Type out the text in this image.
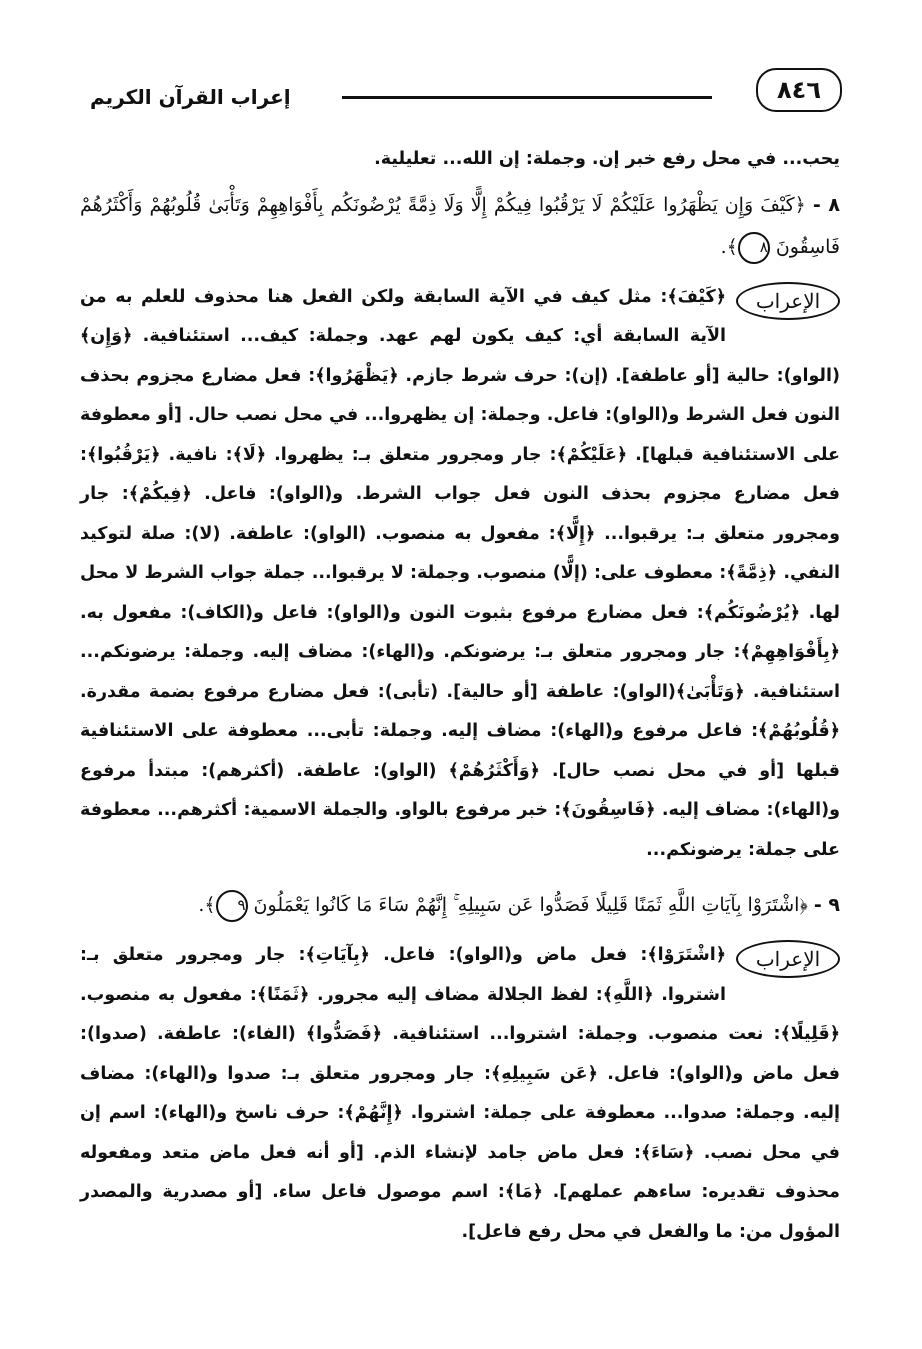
٨٤٦
إعراب القرآن الكريم

يحب... في محل رفع خبر إن. وجملة: إن الله... تعليلية.

٨ - ﴿كَيْفَ وَإِن يَظْهَرُوا عَلَيْكُمْ لَا يَرْقُبُوا فِيكُمْ إِلًّا وَلَا ذِمَّةً يُرْضُونَكُم بِأَفْوَاهِهِمْ وَتَأْبَىٰ قُلُوبُهُمْ وَأَكْثَرُهُمْ فَاسِقُونَ ٨﴾.

الإعراب

﴿كَيْفَ﴾: مثل كيف في الآية السابقة ولكن الفعل هنا محذوف للعلم به من الآية السابقة أي: كيف يكون لهم عهد. وجملة: كيف... استئنافية. ﴿وَإِن﴾ (الواو): حالية [أو عاطفة]. (إن): حرف شرط جازم. ﴿يَظْهَرُوا﴾: فعل مضارع مجزوم بحذف النون فعل الشرط و(الواو): فاعل. وجملة: إن يظهروا... في محل نصب حال. [أو معطوفة على الاستئنافية قبلها]. ﴿عَلَيْكُمْ﴾: جار ومجرور متعلق بـ: يظهروا. ﴿لَا﴾: نافية. ﴿يَرْقُبُوا﴾: فعل مضارع مجزوم بحذف النون فعل جواب الشرط. و(الواو): فاعل. ﴿فِيكُمْ﴾: جار ومجرور متعلق بـ: يرقبوا... ﴿إِلًّا﴾: مفعول به منصوب. (الواو): عاطفة. (لا): صلة لتوكيد النفي. ﴿ذِمَّةً﴾: معطوف على: (إلًّا) منصوب. وجملة: لا يرقبوا... جملة جواب الشرط لا محل لها. ﴿يُرْضُونَكُم﴾: فعل مضارع مرفوع بثبوت النون و(الواو): فاعل و(الكاف): مفعول به. ﴿بِأَفْوَاهِهِمْ﴾: جار ومجرور متعلق بـ: يرضونكم. و(الهاء): مضاف إليه. وجملة: يرضونكم... استئنافية. ﴿وَتَأْبَىٰ﴾(الواو): عاطفة [أو حالية]. (تأبى): فعل مضارع مرفوع بضمة مقدرة. ﴿قُلُوبُهُمْ﴾: فاعل مرفوع و(الهاء): مضاف إليه. وجملة: تأبى... معطوفة على الاستئنافية قبلها [أو في محل نصب حال]. ﴿وَأَكْثَرُهُمْ﴾ (الواو): عاطفة. (أكثرهم): مبتدأ مرفوع و(الهاء): مضاف إليه. ﴿فَاسِقُونَ﴾: خبر مرفوع بالواو. والجملة الاسمية: أكثرهم... معطوفة على جملة: يرضونكم...

٩ - ﴿اشْتَرَوْا بِآيَاتِ اللَّهِ ثَمَنًا قَلِيلًا فَصَدُّوا عَن سَبِيلِهِ ۚ إِنَّهُمْ سَاءَ مَا كَانُوا يَعْمَلُونَ ٩﴾.

الإعراب

﴿اشْتَرَوْا﴾: فعل ماض و(الواو): فاعل. ﴿بِآيَاتِ﴾: جار ومجرور متعلق بـ: اشتروا. ﴿اللَّهِ﴾: لفظ الجلالة مضاف إليه مجرور. ﴿ثَمَنًا﴾: مفعول به منصوب. ﴿قَلِيلًا﴾: نعت منصوب. وجملة: اشتروا... استئنافية. ﴿فَصَدُّوا﴾ (الفاء): عاطفة. (صدوا): فعل ماض و(الواو): فاعل. ﴿عَن سَبِيلِهِ﴾: جار ومجرور متعلق بـ: صدوا و(الهاء): مضاف إليه. وجملة: صدوا... معطوفة على جملة: اشتروا. ﴿إِنَّهُمْ﴾: حرف ناسخ و(الهاء): اسم إن في محل نصب. ﴿سَاءَ﴾: فعل ماض جامد لإنشاء الذم. [أو أنه فعل ماض متعد ومفعوله محذوف تقديره: ساءهم عملهم]. ﴿مَا﴾: اسم موصول فاعل ساء. [أو مصدرية والمصدر المؤول من: ما والفعل في محل رفع فاعل].
